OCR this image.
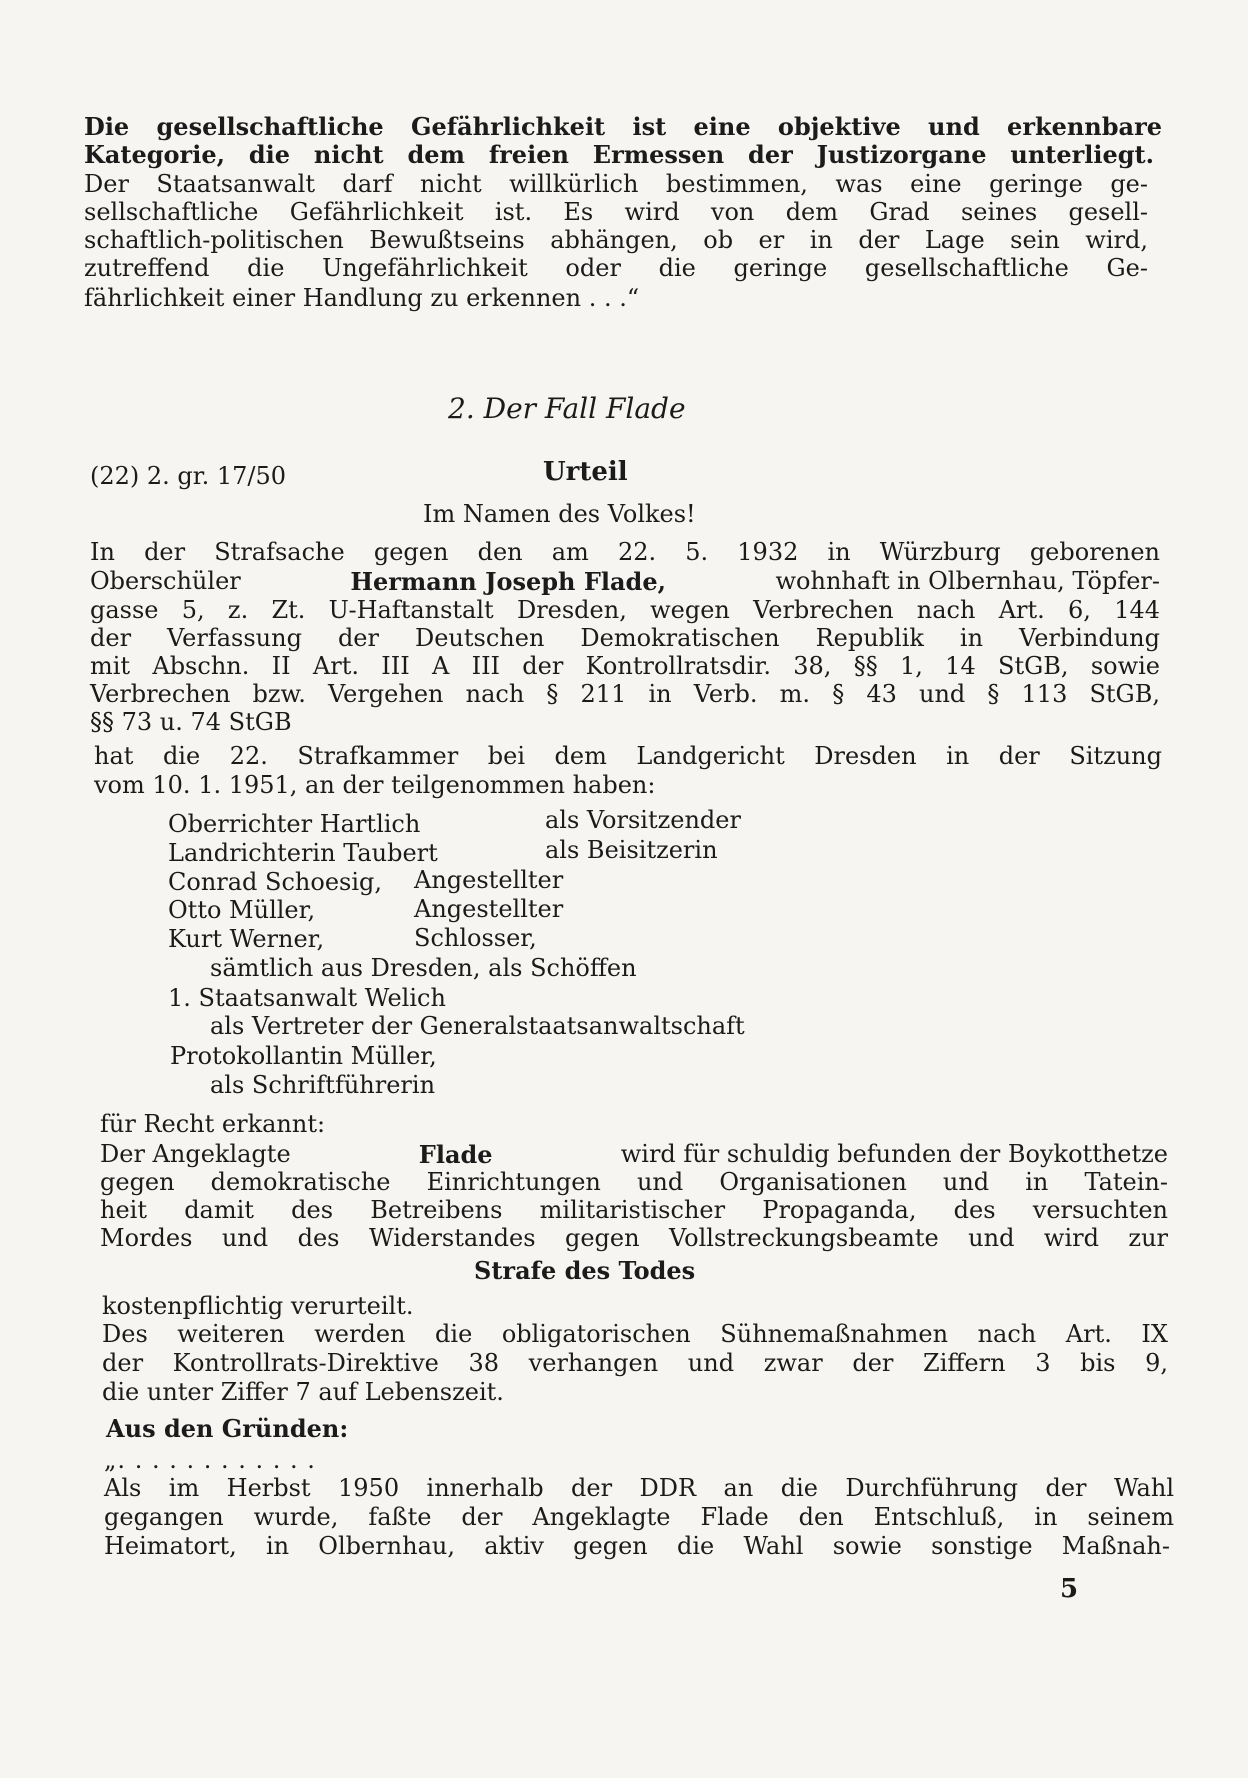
Die gesellschaftliche Gefährlichkeit ist eine objektive und erkennbare
Kategorie, die nicht dem freien Ermessen der Justizorgane unterliegt.
Der Staatsanwalt darf nicht willkürlich bestimmen, was eine geringe ge-
sellschaftliche Gefährlichkeit ist. Es wird von dem Grad seines gesell-
schaftlich-politischen Bewußtseins abhängen, ob er in der Lage sein wird,
zutreffend die Ungefährlichkeit oder die geringe gesellschaftliche Ge-
fährlichkeit einer Handlung zu erkennen . . .“
2. Der Fall Flade
(22) 2. gr. 17/50	Urteil
Im Namen des Volkes!
In der Strafsache gegen den am 22. 5. 1932 in Würzburg geborenen
Oberschüler	Hermann Joseph Flade,	wohnhaft in Olbernhau, Töpfer-
gasse 5, z. Zt. U-Haftanstalt Dresden, wegen Verbrechen nach Art. 6, 144
der Verfassung der Deutschen Demokratischen Republik in Verbindung
mit Abschn. II Art. III A III der Kontrollratsdir. 38, §§ 1, 14 StGB, sowie
Verbrechen bzw. Vergehen nach § 211 in Verb. m. § 43 und § 113 StGB,
§§ 73 u. 74 StGB
hat die 22. Strafkammer bei dem Landgericht Dresden in der Sitzung
vom 10. 1. 1951, an der teilgenommen haben:
Oberrichter Hartlich	als Vorsitzender
Landrichterin Taubert	als Beisitzerin
Conrad Schoesig, Angestellter
Otto Müller,	Angestellter
Kurt Werner,	Schlosser,
sämtlich aus Dresden, als Schöffen
1. Staatsanwalt Welich
als Vertreter der Generalstaatsanwaltschaft
Protokollantin Müller,
als Schriftführerin
für Recht erkannt:
Der Angeklagte	Flade	wird für schuldig befunden der Boykotthetze
gegen demokratische Einrichtungen und Organisationen und in Tatein-
heit damit des Betreibens militaristischer Propaganda, des versuchten
Mordes und des Widerstandes gegen Vollstreckungsbeamte und wird zur
Strafe des Todes
kostenpflichtig verurteilt.
Des weiteren werden die obligatorischen Sühnemaßnahmen nach Art. IX
der Kontrollrats-Direktive 38 verhangen und zwar der Ziffern 3 bis 9,
die unter Ziffer 7 auf Lebenszeit.
Aus den Gründen:
„. . . . . . . . . . . .
Als im Herbst 1950 innerhalb der DDR an die Durchführung der Wahl
gegangen wurde, faßte der Angeklagte Flade den Entschluß, in seinem
Heimatort, in Olbernhau, aktiv gegen die Wahl sowie sonstige Maßnah-
5
